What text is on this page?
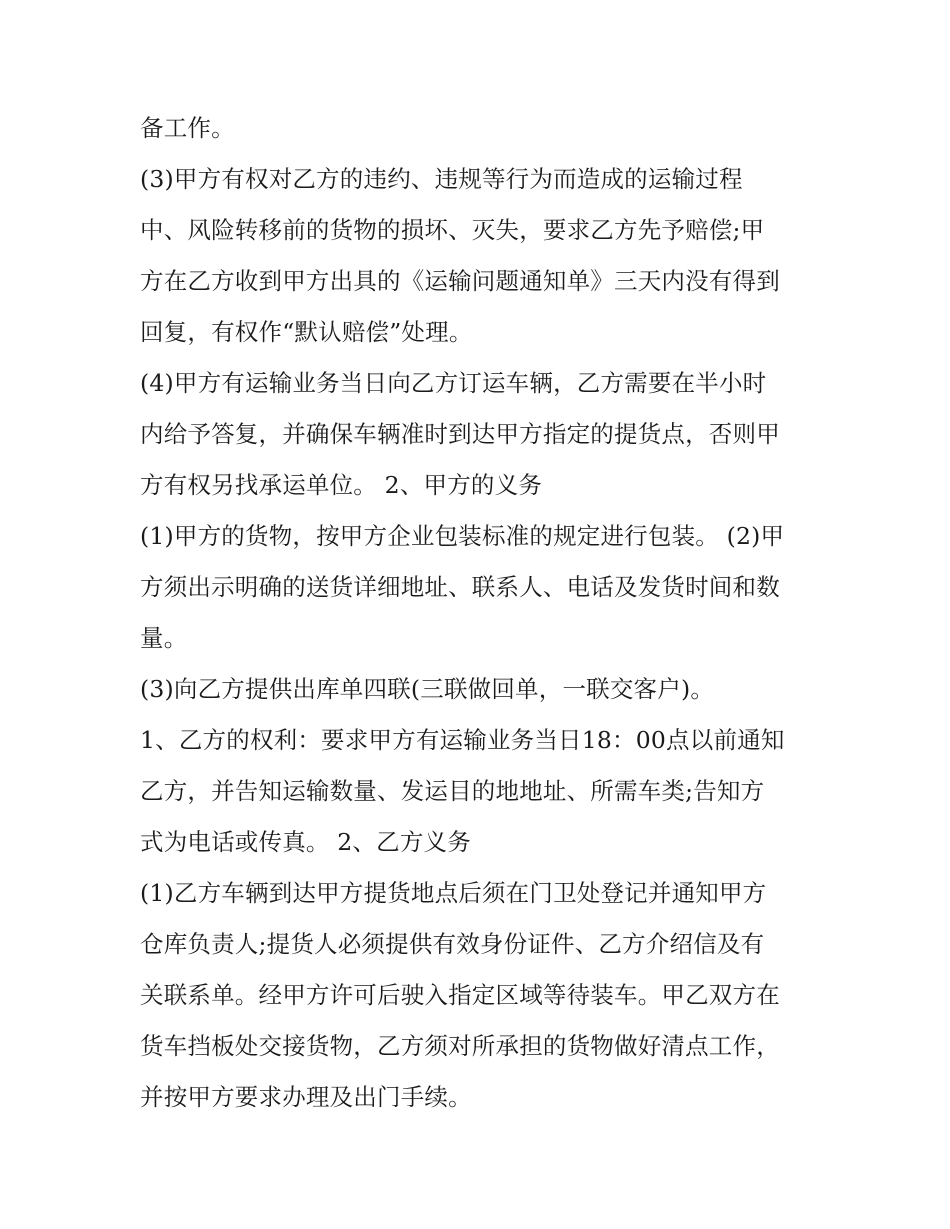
备工作。
(3)甲方有权对乙方的违约、违规等行为而造成的运输过程
中、风险转移前的货物的损坏、灭失，要求乙方先予赔偿;甲
方在乙方收到甲方出具的《运输问题通知单》三天内没有得到
回复，有权作“默认赔偿”处理。
(4)甲方有运输业务当日向乙方订运车辆，乙方需要在半小时
内给予答复，并确保车辆准时到达甲方指定的提货点，否则甲
方有权另找承运单位。 2、甲方的义务
(1)甲方的货物，按甲方企业包装标准的规定进行包装。 (2)甲
方须出示明确的送货详细地址、联系人、电话及发货时间和数
量。
(3)向乙方提供出库单四联(三联做回单，一联交客户)。
1、乙方的权利：要求甲方有运输业务当日18：00点以前通知
乙方，并告知运输数量、发运目的地地址、所需车类;告知方
式为电话或传真。 2、乙方义务
(1)乙方车辆到达甲方提货地点后须在门卫处登记并通知甲方
仓库负责人;提货人必须提供有效身份证件、乙方介绍信及有
关联系单。经甲方许可后驶入指定区域等待装车。甲乙双方在
货车挡板处交接货物，乙方须对所承担的货物做好清点工作，
并按甲方要求办理及出门手续。
